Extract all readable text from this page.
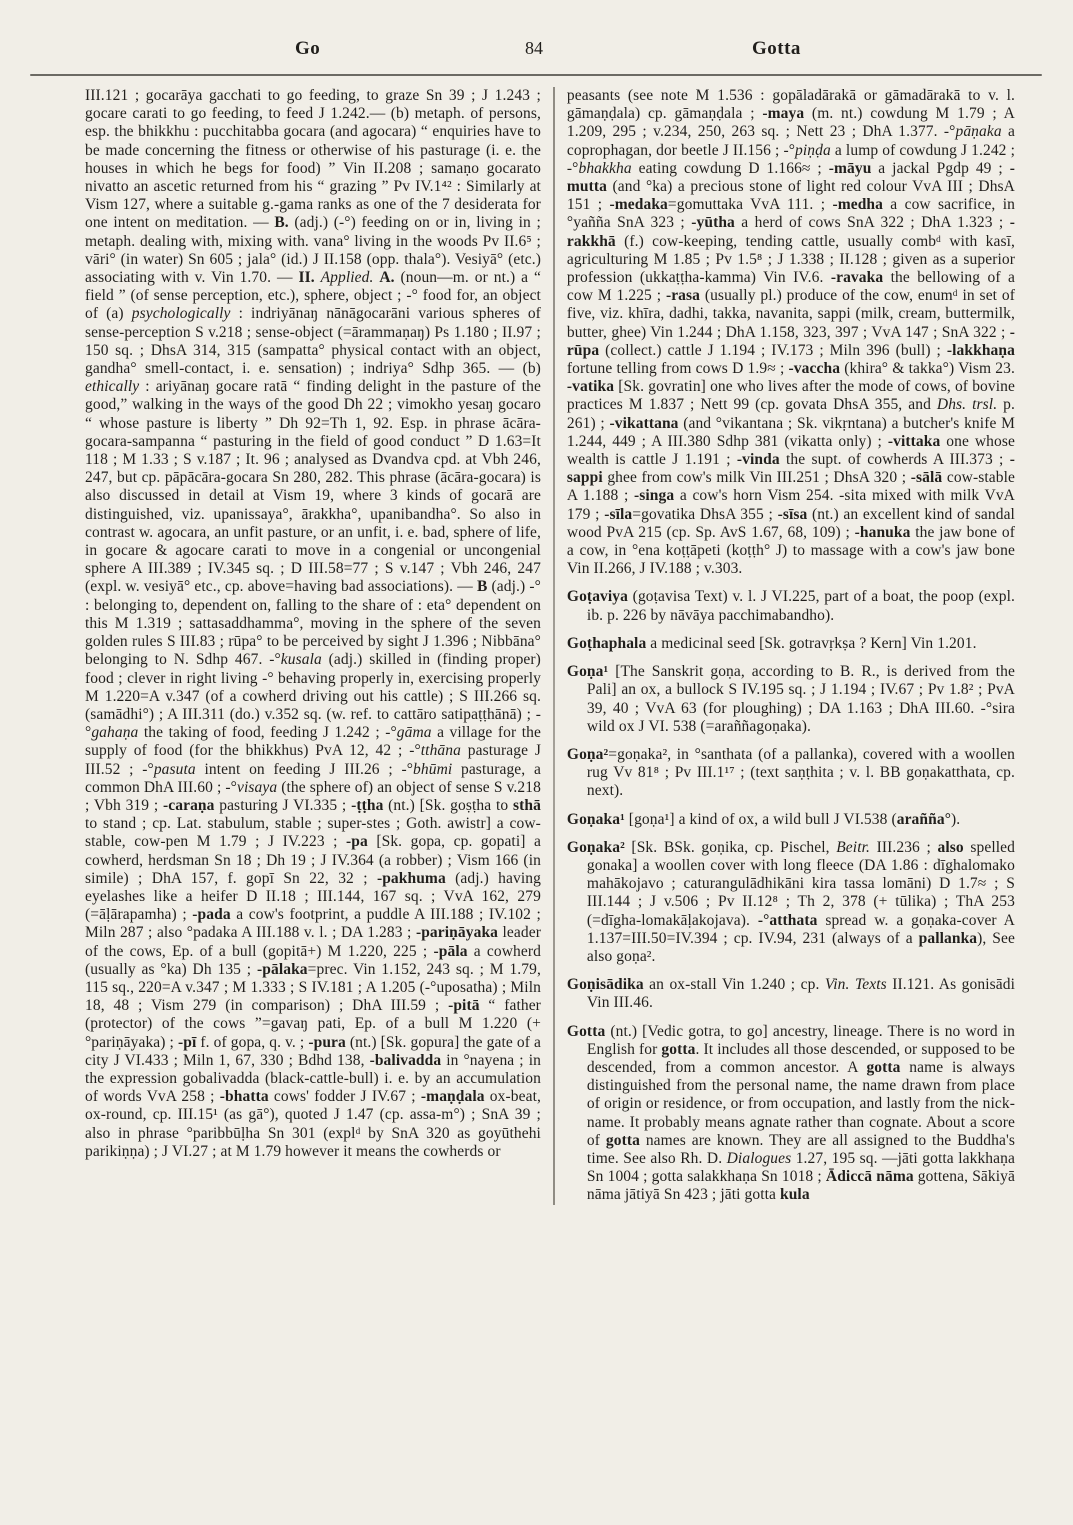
Go	84	Gotta

III.121 ; gocarāya gacchati to go feeding, to graze Sn 39 ; J 1.243 ; gocare carati to go feeding, to feed J 1.242.— (b) metaph. of persons, esp. the bhikkhu : pucchitabba gocara (and agocara) “ enquiries have to be made concerning the fitness or otherwise of his pasturage (i. e. the houses in which he begs for food) ” Vin II.208 ; samaṇo gocarato nivatto an ascetic returned from his “ grazing ” Pv IV.1⁴² : Similarly at Vism 127, where a suitable g.-gama ranks as one of the 7 desiderata for one intent on meditation. — B. (adj.) (-°) feeding on or in, living in ; metaph. dealing with, mixing with. vana° living in the woods Pv II.6⁵ ; vāri° (in water) Sn 605 ; jala° (id.) J II.158 (opp. thala°). Vesiyā° (etc.) associating with v. Vin 1.70. — II. Applied. A. (noun—m. or nt.) a “ field ” (of sense perception, etc.), sphere, object ; -° food for, an object of (a) psychologically : indriyānaŋ nānāgocarāni various spheres of sense-perception S v.218 ; sense-object (=ārammaṇaŋ) Ps 1.180 ; II.97 ; 150 sq. ; DhsA 314, 315 (sampatta° physical contact with an object, gandha° smell-contact, i. e. sensation) ; indriya° Sdhp 365. — (b) ethically : ariyānaŋ gocare ratā “ finding delight in the pasture of the good,” walking in the ways of the good Dh 22 ; vimokho yesaŋ gocaro “ whose pasture is liberty ” Dh 92=Th 1, 92. Esp. in phrase ācāra-gocara-sampanna “ pasturing in the field of good conduct ” D 1.63=It 118 ; M 1.33 ; S v.187 ; It. 96 ; analysed as Dvandva cpd. at Vbh 246, 247, but cp. pāpācāra-gocara Sn 280, 282. This phrase (ācāra-gocara) is also discussed in detail at Vism 19, where 3 kinds of gocarā are distinguished, viz. upanissaya°, ārakkha°, upanibandha°. So also in contrast w. agocara, an unfit pasture, or an unfit, i. e. bad, sphere of life, in gocare & agocare carati to move in a congenial or uncongenial sphere A III.389 ; IV.345 sq. ; D III.58=77 ; S v.147 ; Vbh 246, 247 (expl. w. vesiyā° etc., cp. above=having bad associations). — B (adj.) -° : belonging to, dependent on, falling to the share of : eta° dependent on this M 1.319 ; sattasaddhamma°, moving in the sphere of the seven golden rules S III.83 ; rūpa° to be perceived by sight J 1.396 ; Nibbāna° belonging to N. Sdhp 467. -°kusala (adj.) skilled in (finding proper) food ; clever in right living -° behaving properly in, exercising properly M 1.220=A v.347 (of a cowherd driving out his cattle) ; S III.266 sq. (samādhi°) ; A III.311 (do.) v.352 sq. (w. ref. to cattāro satipaṭṭhānā) ; -°gahaṇa the taking of food, feeding J 1.242 ; -°gāma a village for the supply of food (for the bhikkhus) PvA 12, 42 ; -°tthāna pasturage J III.52 ; -°pasuta intent on feeding J III.26 ; -°bhūmi pasturage, a common DhA III.60 ; -°visaya (the sphere of) an object of sense S v.218 ; Vbh 319 ; -caraṇa pasturing J VI.335 ; -ṭṭha (nt.) [Sk. goṣṭha to sthā to stand ; cp. Lat. stabulum, stable ; super-stes ; Goth. awistr] a cow-stable, cow-pen M 1.79 ; J IV.223 ; -pa [Sk. gopa, cp. gopati] a cowherd, herdsman Sn 18 ; Dh 19 ; J IV.364 (a robber) ; Vism 166 (in simile) ; DhA 157, f. gopī Sn 22, 32 ; -pakhuma (adj.) having eyelashes like a heifer D II.18 ; III.144, 167 sq. ; VvA 162, 279 (=āḷārapamha) ; -pada a cow's footprint, a puddle A III.188 ; IV.102 ; Miln 287 ; also °padaka A III.188 v. l. ; DA 1.283 ; -pariṇāyaka leader of the cows, Ep. of a bull (gopitā+) M 1.220, 225 ; -pāla a cowherd (usually as °ka) Dh 135 ; -pālaka=prec. Vin 1.152, 243 sq. ; M 1.79, 115 sq., 220=A v.347 ; M 1.333 ; S IV.181 ; A 1.205 (-°uposatha) ; Miln 18, 48 ; Vism 279 (in comparison) ; DhA III.59 ; -pitā “ father (protector) of the cows ”=gavaŋ pati, Ep. of a bull M 1.220 (+ °pariṇāyaka) ; -pī f. of gopa, q. v. ; -pura (nt.) [Sk. gopura] the gate of a city J VI.433 ; Miln 1, 67, 330 ; Bdhd 138, -balivadda in °nayena ; in the expression gobalivadda (black-cattle-bull) i. e. by an accumulation of words VvA 258 ; -bhatta cows' fodder J IV.67 ; -maṇḍala ox-beat, ox-round, cp. III.15¹ (as gā°), quoted J 1.47 (cp. assa-m°) ; SnA 39 ; also in phrase °paribbūḷha Sn 301 (explᵈ by SnA 320 as goyūthehi parikiṇṇa) ; J VI.27 ; at M 1.79 however it means the cowherds or

peasants (see note M 1.536 : gopāladārakā or gāmadārakā to v. l. gāmaṇḍala) cp. gāmaṇḍala ; -maya (m. nt.) cowdung M 1.79 ; A 1.209, 295 ; v.234, 250, 263 sq. ; Nett 23 ; DhA 1.377. -°pāṇaka a coprophagan, dor beetle J II.156 ; -°piṇḍa a lump of cowdung J 1.242 ; -°bhakkha eating cowdung D 1.166≈ ; -māyu a jackal Pgdp 49 ; -mutta (and °ka) a precious stone of light red colour VvA III ; DhsA 151 ; -medaka=gomuttaka VvA 111. ; -medha a cow sacrifice, in °yañña SnA 323 ; -yūtha a herd of cows SnA 322 ; DhA 1.323 ; -rakkhā (f.) cow-keeping, tending cattle, usually combᵈ with kasī, agriculturing M 1.85 ; Pv 1.5⁸ ; J 1.338 ; II.128 ; given as a superior profession (ukkaṭṭha-kamma) Vin IV.6. -ravaka the bellowing of a cow M 1.225 ; -rasa (usually pl.) produce of the cow, enumᵈ in set of five, viz. khīra, dadhi, takka, navanita, sappi (milk, cream, buttermilk, butter, ghee) Vin 1.244 ; DhA 1.158, 323, 397 ; VvA 147 ; SnA 322 ; -rūpa (collect.) cattle J 1.194 ; IV.173 ; Miln 396 (bull) ; -lakkhaṇa fortune telling from cows D 1.9≈ ; -vaccha (khira° & takka°) Vism 23. -vatika [Sk. govratin] one who lives after the mode of cows, of bovine practices M 1.837 ; Nett 99 (cp. govata DhsA 355, and Dhs. trsl. p. 261) ; -vikattana (and °vikantana ; Sk. vikṛntana) a butcher's knife M 1.244, 449 ; A III.380 Sdhp 381 (vikatta only) ; -vittaka one whose wealth is cattle J 1.191 ; -vinda the supt. of cowherds A III.373 ; -sappi ghee from cow's milk Vin III.251 ; DhsA 320 ; -sālā cow-stable A 1.188 ; -singa a cow's horn Vism 254. -sita mixed with milk VvA 179 ; -sīla=govatika DhsA 355 ; -sīsa (nt.) an excellent kind of sandal wood PvA 215 (cp. Sp. AvS 1.67, 68, 109) ; -hanuka the jaw bone of a cow, in °ena koṭṭāpeti (koṭṭh° J) to massage with a cow's jaw bone Vin II.266, J IV.188 ; v.303.

Goṭaviya (goṭavisa Text) v. l. J VI.225, part of a boat, the poop (expl. ib. p. 226 by nāvāya pacchimabandho).

Goṭhaphala a medicinal seed [Sk. gotravṛkṣa ? Kern] Vin 1.201.

Goṇa¹ [The Sanskrit goṇa, according to B. R., is derived from the Pali] an ox, a bullock S IV.195 sq. ; J 1.194 ; IV.67 ; Pv 1.8² ; PvA 39, 40 ; VvA 63 (for ploughing) ; DA 1.163 ; DhA III.60. -°sira wild ox J VI. 538 (=araññagoṇaka).

Goṇa²=goṇaka², in °santhata (of a pallanka), covered with a woollen rug Vv 81⁸ ; Pv III.1¹⁷ ; (text saṇṭhita ; v. l. BB goṇakatthata, cp. next).

Goṇaka¹ [goṇa¹] a kind of ox, a wild bull J VI.538 (arañña°).

Goṇaka² [Sk. BSk. goṇika, cp. Pischel, Beitr. III.236 ; also spelled gonaka] a woollen cover with long fleece (DA 1.86 : dīghalomako mahākojavo ; caturangulādhikāni kira tassa lomāni) D 1.7≈ ; S III.144 ; J v.506 ; Pv II.12⁸ ; Th 2, 378 (+ tūlika) ; ThA 253 (=dīgha-lomakāḷakojava). -°atthata spread w. a goṇaka-cover A 1.137=III.50=IV.394 ; cp. IV.94, 231 (always of a pallanka), See also goṇa².

Goṇisādika an ox-stall Vin 1.240 ; cp. Vin. Texts II.121. As gonisādi Vin III.46.

Gotta (nt.) [Vedic gotra, to go] ancestry, lineage. There is no word in English for gotta. It includes all those descended, or supposed to be descended, from a common ancestor. A gotta name is always distinguished from the personal name, the name drawn from place of origin or residence, or from occupation, and lastly from the nick-name. It probably means agnate rather than cognate. About a score of gotta names are known. They are all assigned to the Buddha's time. See also Rh. D. Dialogues 1.27, 195 sq. —jāti gotta lakkhaṇa Sn 1004 ; gotta salakkhaṇa Sn 1018 ; Ādiccā nāma gottena, Sākiyā nāma jātiyā Sn 423 ; jāti gotta kula
